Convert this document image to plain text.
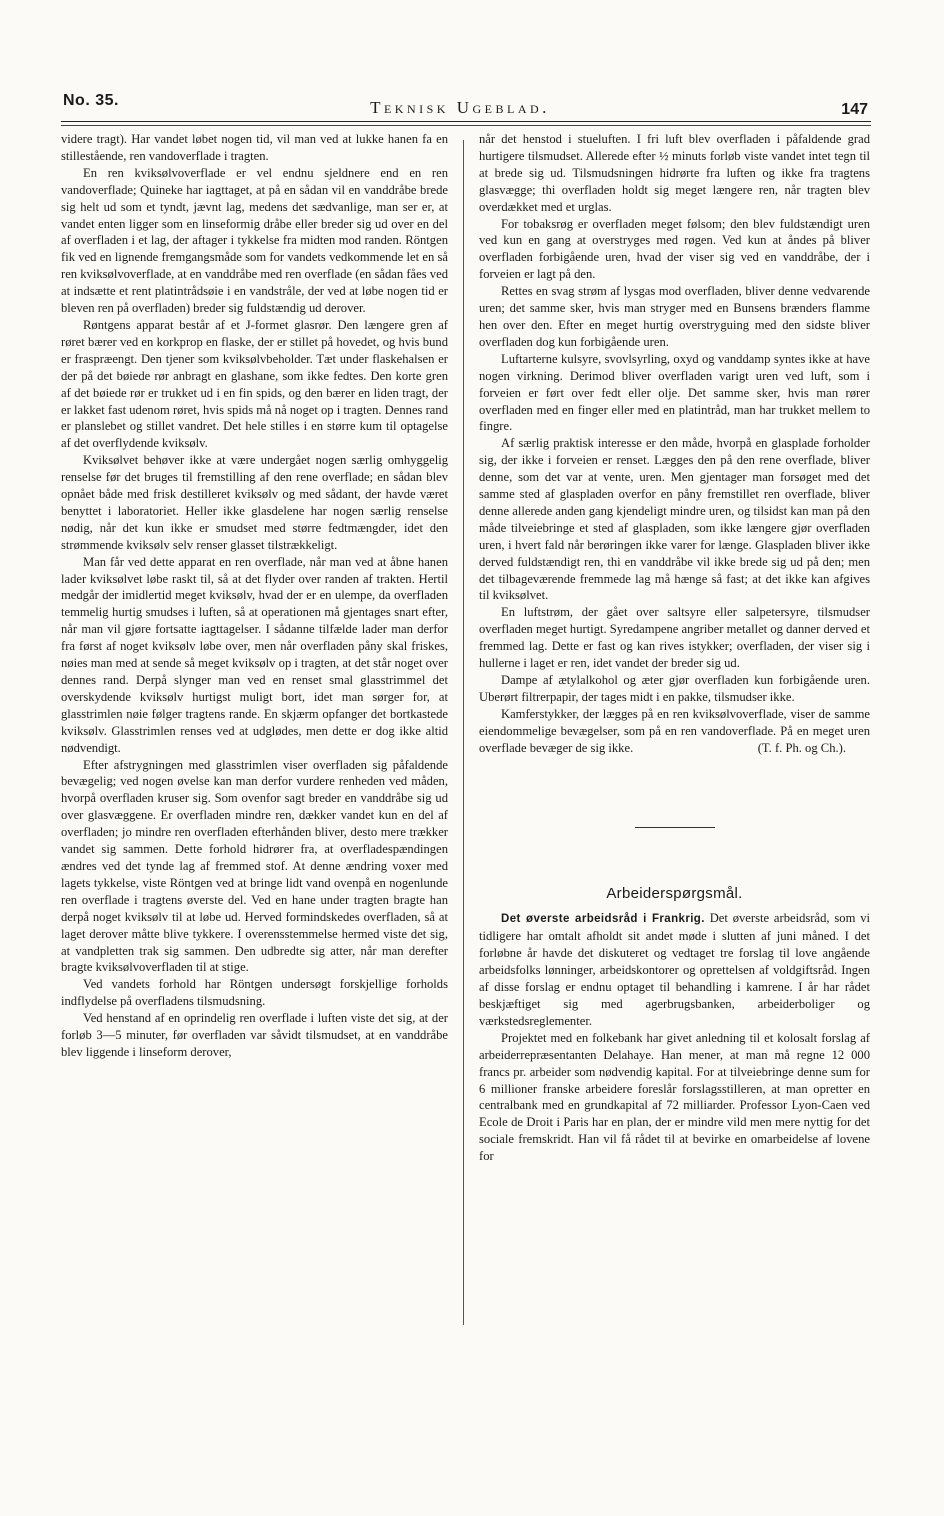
No. 35.	Teknisk Ugeblad.	147

videre tragt). Har vandet løbet nogen tid, vil man ved at lukke hanen fa en stillestående, ren vandoverflade i tragten.

En ren kviksølvoverflade er vel endnu sjeldnere end en ren vandoverflade; Quineke har iagttaget, at på en sådan vil en vanddråbe brede sig helt ud som et tyndt, jævnt lag, medens det sædvanlige, man ser er, at vandet enten ligger som en linseformig dråbe eller breder sig ud over en del af overfladen i et lag, der aftager i tykkelse fra midten mod randen. Röntgen fik ved en lignende fremgangsmåde som for vandets vedkommende let en så ren kviksølvoverflade, at en vanddråbe med ren overflade (en sådan fåes ved at indsætte et rent platintrådsøie i en vandstråle, der ved at løbe nogen tid er bleven ren på overfladen) breder sig fuldstændig ud derover.

Røntgens apparat består af et J-formet glasrør. Den længere gren af røret bærer ved en korkprop en flaske, der er stillet på hovedet, og hvis bund er fraspræengt. Den tjener som kviksølvbeholder. Tæt under flaskehalsen er der på det bøiede rør anbragt en glashane, som ikke fedtes. Den korte gren af det bøiede rør er trukket ud i en fin spids, og den bærer en liden tragt, der er lakket fast udenom røret, hvis spids må nå noget op i tragten. Dennes rand er planslebet og stillet vandret. Det hele stilles i en større kum til optagelse af det overflydende kviksølv.

Kviksølvet behøver ikke at være undergået nogen særlig omhyggelig renselse før det bruges til fremstilling af den rene overflade; en sådan blev opnået både med frisk destilleret kviksølv og med sådant, der havde været benyttet i laboratoriet. Heller ikke glasdelene har nogen særlig renselse nødig, når det kun ikke er smudset med større fedtmængder, idet den strømmende kviksølv selv renser glasset tilstrækkeligt.

Man får ved dette apparat en ren overflade, når man ved at åbne hanen lader kviksølvet løbe raskt til, så at det flyder over randen af trakten. Hertil medgår der imidlertid meget kviksølv, hvad der er en ulempe, da overfladen temmelig hurtig smudses i luften, så at operationen må gjentages snart efter, når man vil gjøre fortsatte iagttagelser. I sådanne tilfælde lader man derfor fra først af noget kviksølv løbe over, men når overfladen påny skal friskes, nøies man med at sende så meget kviksølv op i tragten, at det står noget over dennes rand. Derpå slynger man ved en renset smal glasstrimmel det overskydende kviksølv hurtigst muligt bort, idet man sørger for, at glasstrimlen nøie følger tragtens rande. En skjærm opfanger det bortkastede kviksølv. Glasstrimlen renses ved at udglødes, men dette er dog ikke altid nødvendigt.

Efter afstrygningen med glasstrimlen viser overfladen sig påfaldende bevægelig; ved nogen øvelse kan man derfor vurdere renheden ved måden, hvorpå overfladen kruser sig. Som ovenfor sagt breder en vanddråbe sig ud over glasvæggene. Er overfladen mindre ren, dækker vandet kun en del af overfladen; jo mindre ren overfladen efterhånden bliver, desto mere trækker vandet sig sammen. Dette forhold hidrører fra, at overfladespændingen ændres ved det tynde lag af fremmed stof. At denne ændring voxer med lagets tykkelse, viste Röntgen ved at bringe lidt vand ovenpå en nogenlunde ren overflade i tragtens øverste del. Ved en hane under tragten bragte han derpå noget kviksølv til at løbe ud. Herved formindskedes overfladen, så at laget derover måtte blive tykkere. I overensstemmelse hermed viste det sig, at vandpletten trak sig sammen. Den udbredte sig atter, når man derefter bragte kviksølvoverfladen til at stige.

Ved vandets forhold har Röntgen undersøgt forskjellige forholds indflydelse på overfladens tilsmudsning.

Ved henstand af en oprindelig ren overflade i luften viste det sig, at der forløb 3—5 minuter, før overfladen var såvidt tilsmudset, at en vanddråbe blev liggende i linseform derover,

når det henstod i stueluften. I fri luft blev overfladen i påfaldende grad hurtigere tilsmudset. Allerede efter ½ minuts forløb viste vandet intet tegn til at brede sig ud. Tilsmudsningen hidrørte fra luften og ikke fra tragtens glasvægge; thi overfladen holdt sig meget længere ren, når tragten blev overdækket med et urglas.

For tobaksrøg er overfladen meget følsom; den blev fuldstændigt uren ved kun en gang at overstryges med røgen. Ved kun at åndes på bliver overfladen forbigående uren, hvad der viser sig ved en vanddråbe, der i forveien er lagt på den.

Rettes en svag strøm af lysgas mod overfladen, bliver denne vedvarende uren; det samme sker, hvis man stryger med en Bunsens brænders flamme hen over den. Efter en meget hurtig overstryguing med den sidste bliver overfladen dog kun forbigående uren.

Luftarterne kulsyre, svovlsyrling, oxyd og vanddamp syntes ikke at have nogen virkning. Derimod bliver overfladen varigt uren ved luft, som i forveien er ført over fedt eller olje. Det samme sker, hvis man rører overfladen med en finger eller med en platintråd, man har trukket mellem to fingre.

Af særlig praktisk interesse er den måde, hvorpå en glasplade forholder sig, der ikke i forveien er renset. Lægges den på den rene overflade, bliver denne, som det var at vente, uren. Men gjentager man forsøget med det samme sted af glaspladen overfor en påny fremstillet ren overflade, bliver denne allerede anden gang kjendeligt mindre uren, og tilsidst kan man på den måde tilveiebringe et sted af glaspladen, som ikke længere gjør overfladen uren, i hvert fald når berøringen ikke varer for længe. Glaspladen bliver ikke derved fuldstændigt ren, thi en vanddråbe vil ikke brede sig ud på den; men det tilbageværende fremmede lag må hænge så fast; at det ikke kan afgives til kviksølvet.

En luftstrøm, der gået over saltsyre eller salpetersyre, tilsmudser overfladen meget hurtigt. Syredampene angriber metallet og danner derved et fremmed lag. Dette er fast og kan rives istykker; overfladen, der viser sig i hullerne i laget er ren, idet vandet der breder sig ud.

Dampe af ætylalkohol og æter gjør overfladen kun forbigående uren. Uberørt filtrerpapir, der tages midt i en pakke, tilsmudser ikke.

Kamferstykker, der lægges på en ren kviksølvoverflade, viser de samme eiendommelige bevægelser, som på en ren vandoverflade. På en meget uren overflade bevæger de sig ikke.	(T. f. Ph. og Ch.).

Arbeiderspørgsmål.

Det øverste arbeidsråd i Frankrig. Det øverste arbeidsråd, som vi tidligere har omtalt afholdt sit andet møde i slutten af juni måned. I det forløbne år havde det diskuteret og vedtaget tre forslag til love angående arbeidsfolks lønninger, arbeidskontorer og oprettelsen af voldgiftsråd. Ingen af disse forslag er endnu optaget til behandling i kamrene. I år har rådet beskjæftiget sig med agerbrugsbanken, arbeiderboliger og værkstedsreglementer.

Projektet med en folkebank har givet anledning til et kolosalt forslag af arbeiderrepræsentanten Delahaye. Han mener, at man må regne 12 000 francs pr. arbeider som nødvendig kapital. For at tilveiebringe denne sum for 6 millioner franske arbeidere foreslår forslagsstilleren, at man opretter en centralbank med en grundkapital af 72 milliarder. Professor Lyon-Caen ved Ecole de Droit i Paris har en plan, der er mindre vild men mere nyttig for det sociale fremskridt. Han vil få rådet til at bevirke en omarbeidelse af lovene for
